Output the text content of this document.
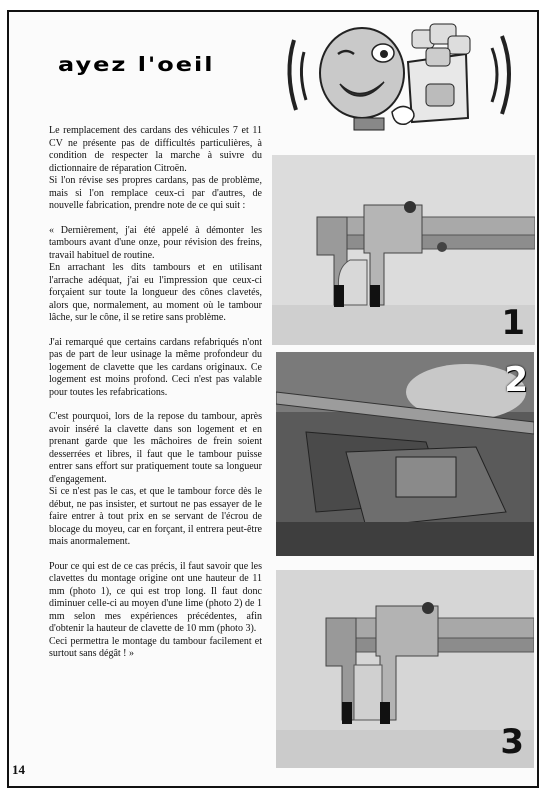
ayez l'oeil

Le remplacement des cardans des véhicules 7 et 11 CV ne présente pas de difficultés particulières, à condition de respecter la marche à suivre du dictionnaire de réparation Citroën.

Si l'on révise ses propres cardans, pas de problème, mais si l'on remplace ceux-ci par d'autres, de nouvelle fabrication, prendre note de ce qui suit :

« Dernièrement, j'ai été appelé à démonter les tambours avant d'une onze, pour révision des freins, travail habituel de routine.

En arrachant les dits tambours et en utilisant l'arrache adéquat, j'ai eu l'impression que ceux-ci forçaient sur toute la longueur des cônes clavetés, alors que, normalement, au moment où le tambour lâche, sur le cône, il se retire sans problème.

J'ai remarqué que certains cardans refabriqués n'ont pas de part de leur usinage la même profondeur du logement de clavette que les cardans originaux. Ce logement est moins profond. Ceci n'est pas valable pour toutes les refabrications.

C'est pourquoi, lors de la repose du tambour, après avoir inséré la clavette dans son logement et en prenant garde que les mâchoires de frein soient desserrées et libres, il faut que le tambour puisse entrer sans effort sur pratiquement toute sa longueur d'engagement.

Si ce n'est pas le cas, et que le tambour force dès le début, ne pas insister, et surtout ne pas essayer de le faire entrer à tout prix en se servant de l'écrou de blocage du moyeu, car en forçant, il entrera peut-être mais anormalement.

Pour ce qui est de ce cas précis, il faut savoir que les clavettes du montage origine ont une hauteur de 11 mm (photo 1), ce qui est trop long. Il faut donc diminuer celle-ci au moyen d'une lime (photo 2) de 1 mm selon mes expériences précédentes, afin d'obtenir la hauteur de clavette de 10 mm (photo 3).

Ceci permettra le montage du tambour facilement et surtout sans dégât ! »

1
2
3
14
